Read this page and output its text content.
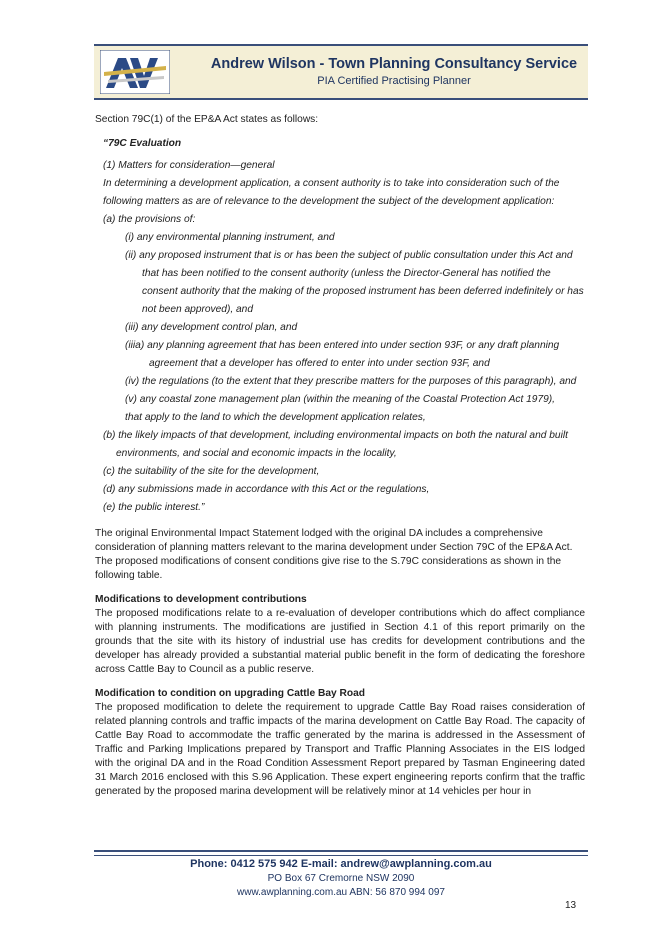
Andrew Wilson - Town Planning Consultancy Service
PIA Certified Practising Planner

Section 79C(1) of the EP&A Act states as follows:

“79C Evaluation

(1) Matters for consideration—general

In determining a development application, a consent authority is to take into consideration such of the following matters as are of relevance to the development the subject of the development application:

(a) the provisions of:

(i) any environmental planning instrument, and

(ii) any proposed instrument that is or has been the subject of public consultation under this Act and that has been notified to the consent authority (unless the Director-General has notified the consent authority that the making of the proposed instrument has been deferred indefinitely or has not been approved), and

(iii) any development control plan, and

(iiia) any planning agreement that has been entered into under section 93F, or any draft planning agreement that a developer has offered to enter into under section 93F, and

(iv) the regulations (to the extent that they prescribe matters for the purposes of this paragraph), and

(v) any coastal zone management plan (within the meaning of the Coastal Protection Act 1979),

that apply to the land to which the development application relates,

(b) the likely impacts of that development, including environmental impacts on both the natural and built environments, and social and economic impacts in the locality,

(c) the suitability of the site for the development,

(d) any submissions made in accordance with this Act or the regulations,

(e) the public interest.”

The original Environmental Impact Statement lodged with the original DA includes a comprehensive consideration of planning matters relevant to the marina development under Section 79C of the EP&A Act. The proposed modifications of consent conditions give rise to the S.79C considerations as shown in the following table.

Modifications to development contributions

The proposed modifications relate to a re-evaluation of developer contributions which do affect compliance with planning instruments. The modifications are justified in Section 4.1 of this report primarily on the grounds that the site with its history of industrial use has credits for development contributions and the developer has already provided a substantial material public benefit in the form of dedicating the foreshore across Cattle Bay to Council as a public reserve.

Modification to condition on upgrading Cattle Bay Road

The proposed modification to delete the requirement to upgrade Cattle Bay Road raises consideration of related planning controls and traffic impacts of the marina development on Cattle Bay Road. The capacity of Cattle Bay Road to accommodate the traffic generated by the marina is addressed in the Assessment of Traffic and Parking Implications prepared by Transport and Traffic Planning Associates in the EIS lodged with the original DA and in the Road Condition Assessment Report prepared by Tasman Engineering dated 31 March 2016 enclosed with this S.96 Application. These expert engineering reports confirm that the traffic generated by the proposed marina development will be relatively minor at 14 vehicles per hour in

Phone: 0412 575 942 E-mail: andrew@awplanning.com.au
PO Box 67 Cremorne NSW 2090
www.awplanning.com.au ABN: 56 870 994 097
13
